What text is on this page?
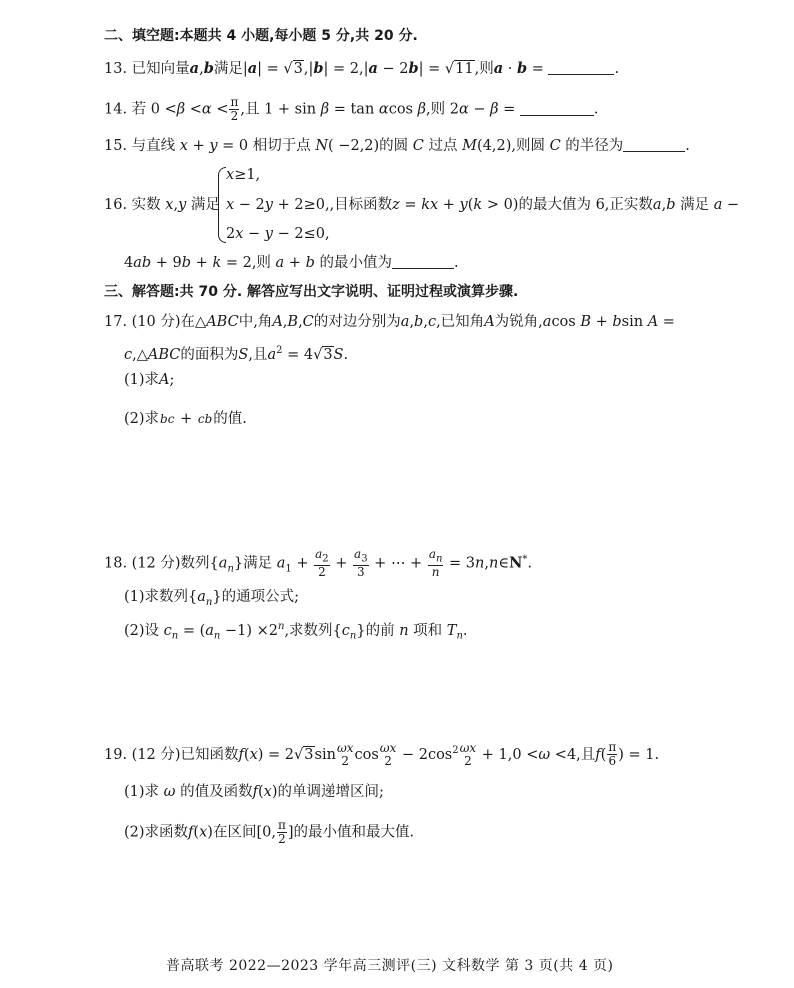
二、填空题:本题共 4 小题,每小题 5 分,共 20 分.
13. 已知向量a,b满足|a| = √3,|b| = 2,|a − 2b| = √11,则a · b =	.
14. 若 $0 <\beta <\alpha < \frac{\pi}{2}$ ,且 1 + sin β = tan αcos β,则 2α − β =	.
15. 与直线 x + y = 0 相切于点 N( −2,2)的圆 C 过点 M(4,2),则圆 C 的半径为	.
16. 实数 x,y 满足
x≥1,
x − 2y + 2≥0,,目标函数z = kx + y(k > 0)的最大值为 6,正实数a,b 满足 a −
2x − y − 2≤0,
4ab + 9b + k = 2,则 a + b 的最小值为	.
三、解答题:共 70 分. 解答应写出文字说明、证明过程或演算步骤.
17. (10 分)在△ABC中,角A,B,C的对边分别为a,b,c,已知角A为锐角,acos B + bsin A =
c,△ABC的面积为S,且$a^2 = 4√3S$.
(1)求A;
(2)求bc + cb的值.
18. (12 分)数列$\{a_n\}$满足 $a_1 + \frac{a_2}{2} + \frac{a_3}{3}$ + ⋯ + $\frac{a_n}{n}$ = 3n,n∈N*.
(1)求数列$\{a_n\}$的通项公式;
(2)设 $c_n = (a_n -1) \times 2^n$,求数列$\{c_n\}$的前 n 项和 $T_n$.
19. (12 分)已知函数f(x) = 2√3sinωx
2 cosωx
$2 - 2\cos^2\omega x$
2 + 1,0 <ω <4,且$f( \frac{\pi}{6}$ ) = 1.
(1)求 ω 的值及函数f(x)的单调递增区间;
(2)求函数f(x)在区间[0, $\frac{\pi}{2}$ ]的最小值和最大值.
普高联考 2022—2023 学年高三测评(三) 文科数学 第 3 页(共 4 页)
